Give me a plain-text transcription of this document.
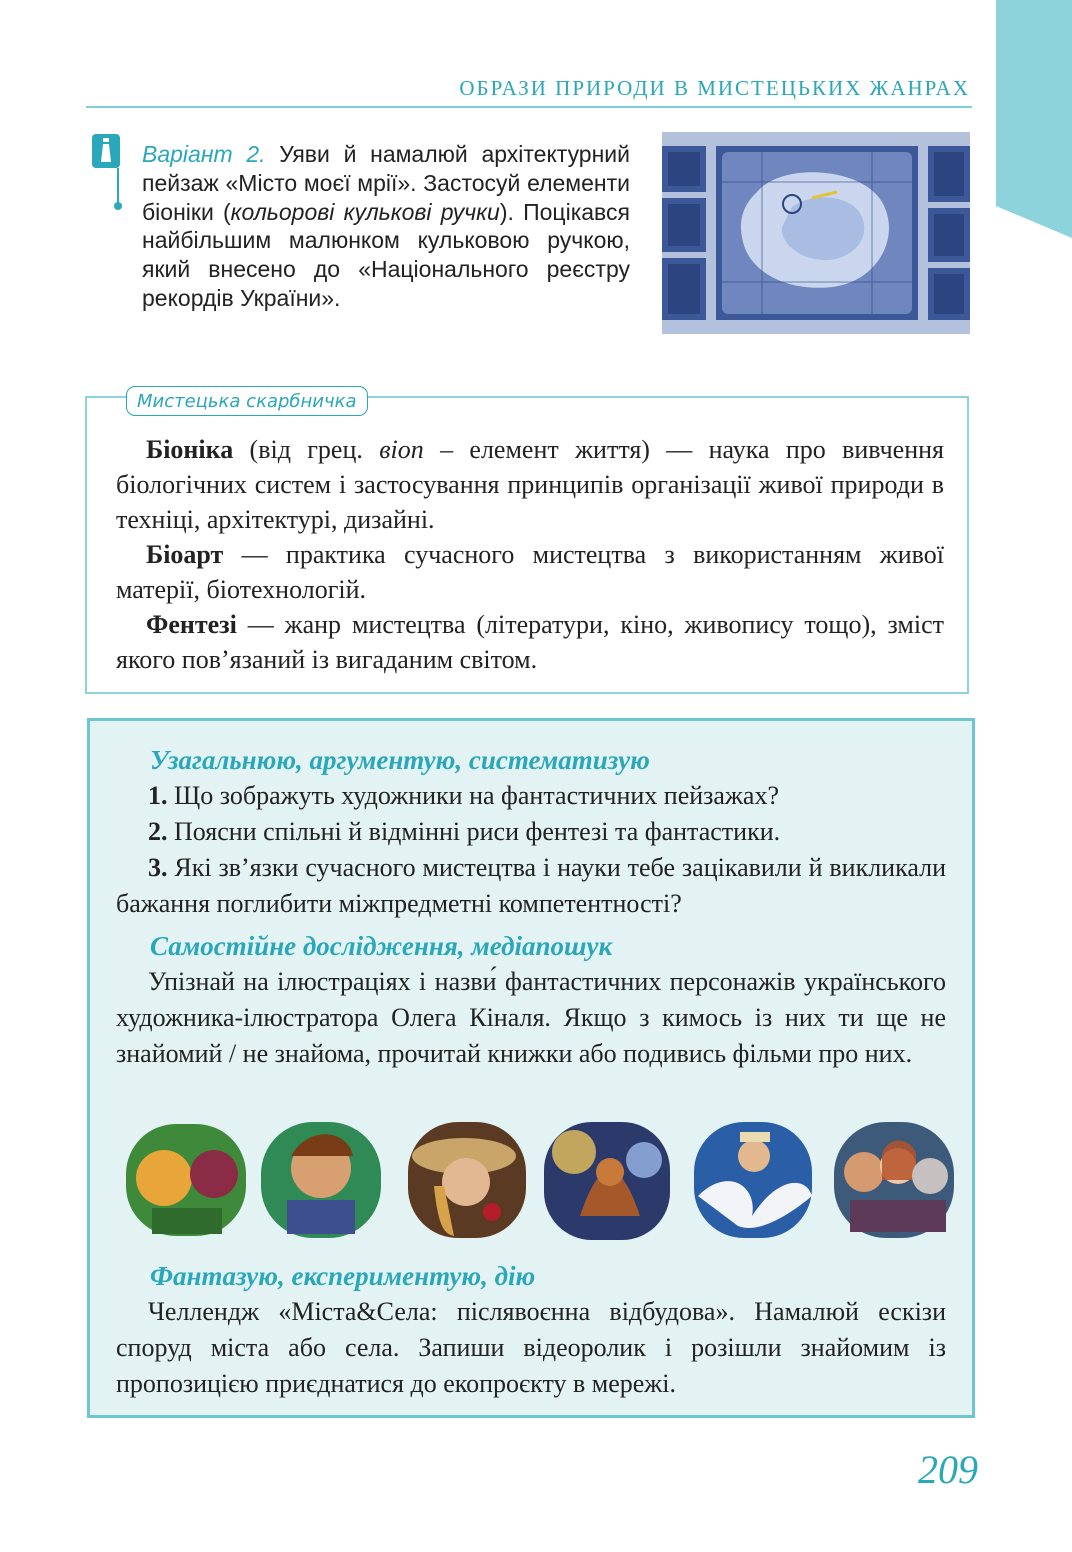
ОБРАЗИ ПРИРОДИ В МИСТЕЦЬКИХ ЖАНРАХ
Варіант 2. Уяви й намалюй архітектурний пейзаж «Місто моєї мрії». Застосуй елементи біоніки (кольорові кулькові ручки). Поцікався найбільшим малюнком кульковою ручкою, який внесено до «Національного реєстру рекордів України».
Мистецька скарбничка

Біоніка (від грец. віоn – елемент життя) — наука про вивчення біологічних систем і застосування принципів організації живої природи в техніці, архітектурі, дизайні.

Біоарт — практика сучасного мистецтва з використанням живої матерії, біотехнологій.

Фентезі — жанр мистецтва (літератури, кіно, живопису тощо), зміст якого пов’язаний із вигаданим світом.

Узагальнюю, аргументую, систематизую

1. Що зображуть художники на фантастичних пейзажах?

2. Поясни спільні й відмінні риси фентезі та фантастики.

3. Які зв’язки сучасного мистецтва і науки тебе зацікавили й викликали бажання поглибити міжпредметні компетентності?

Самостійне дослідження, медіапошук

Упізнай на ілюстраціях і назви́ фантастичних персонажів українського художника-ілюстратора Олега Кіналя. Якщо з кимось із них ти ще не знайомий / не знайома, прочитай книжки або подивись фільми про них.

Фантазую, експериментую, дію

Челлендж «Міста&Села: післявоєнна відбудова». Намалюй ескізи споруд міста або села. Запиши відеоролик і розішли знайомим із пропозицією приєднатися до екопроєкту в мережі.

209
